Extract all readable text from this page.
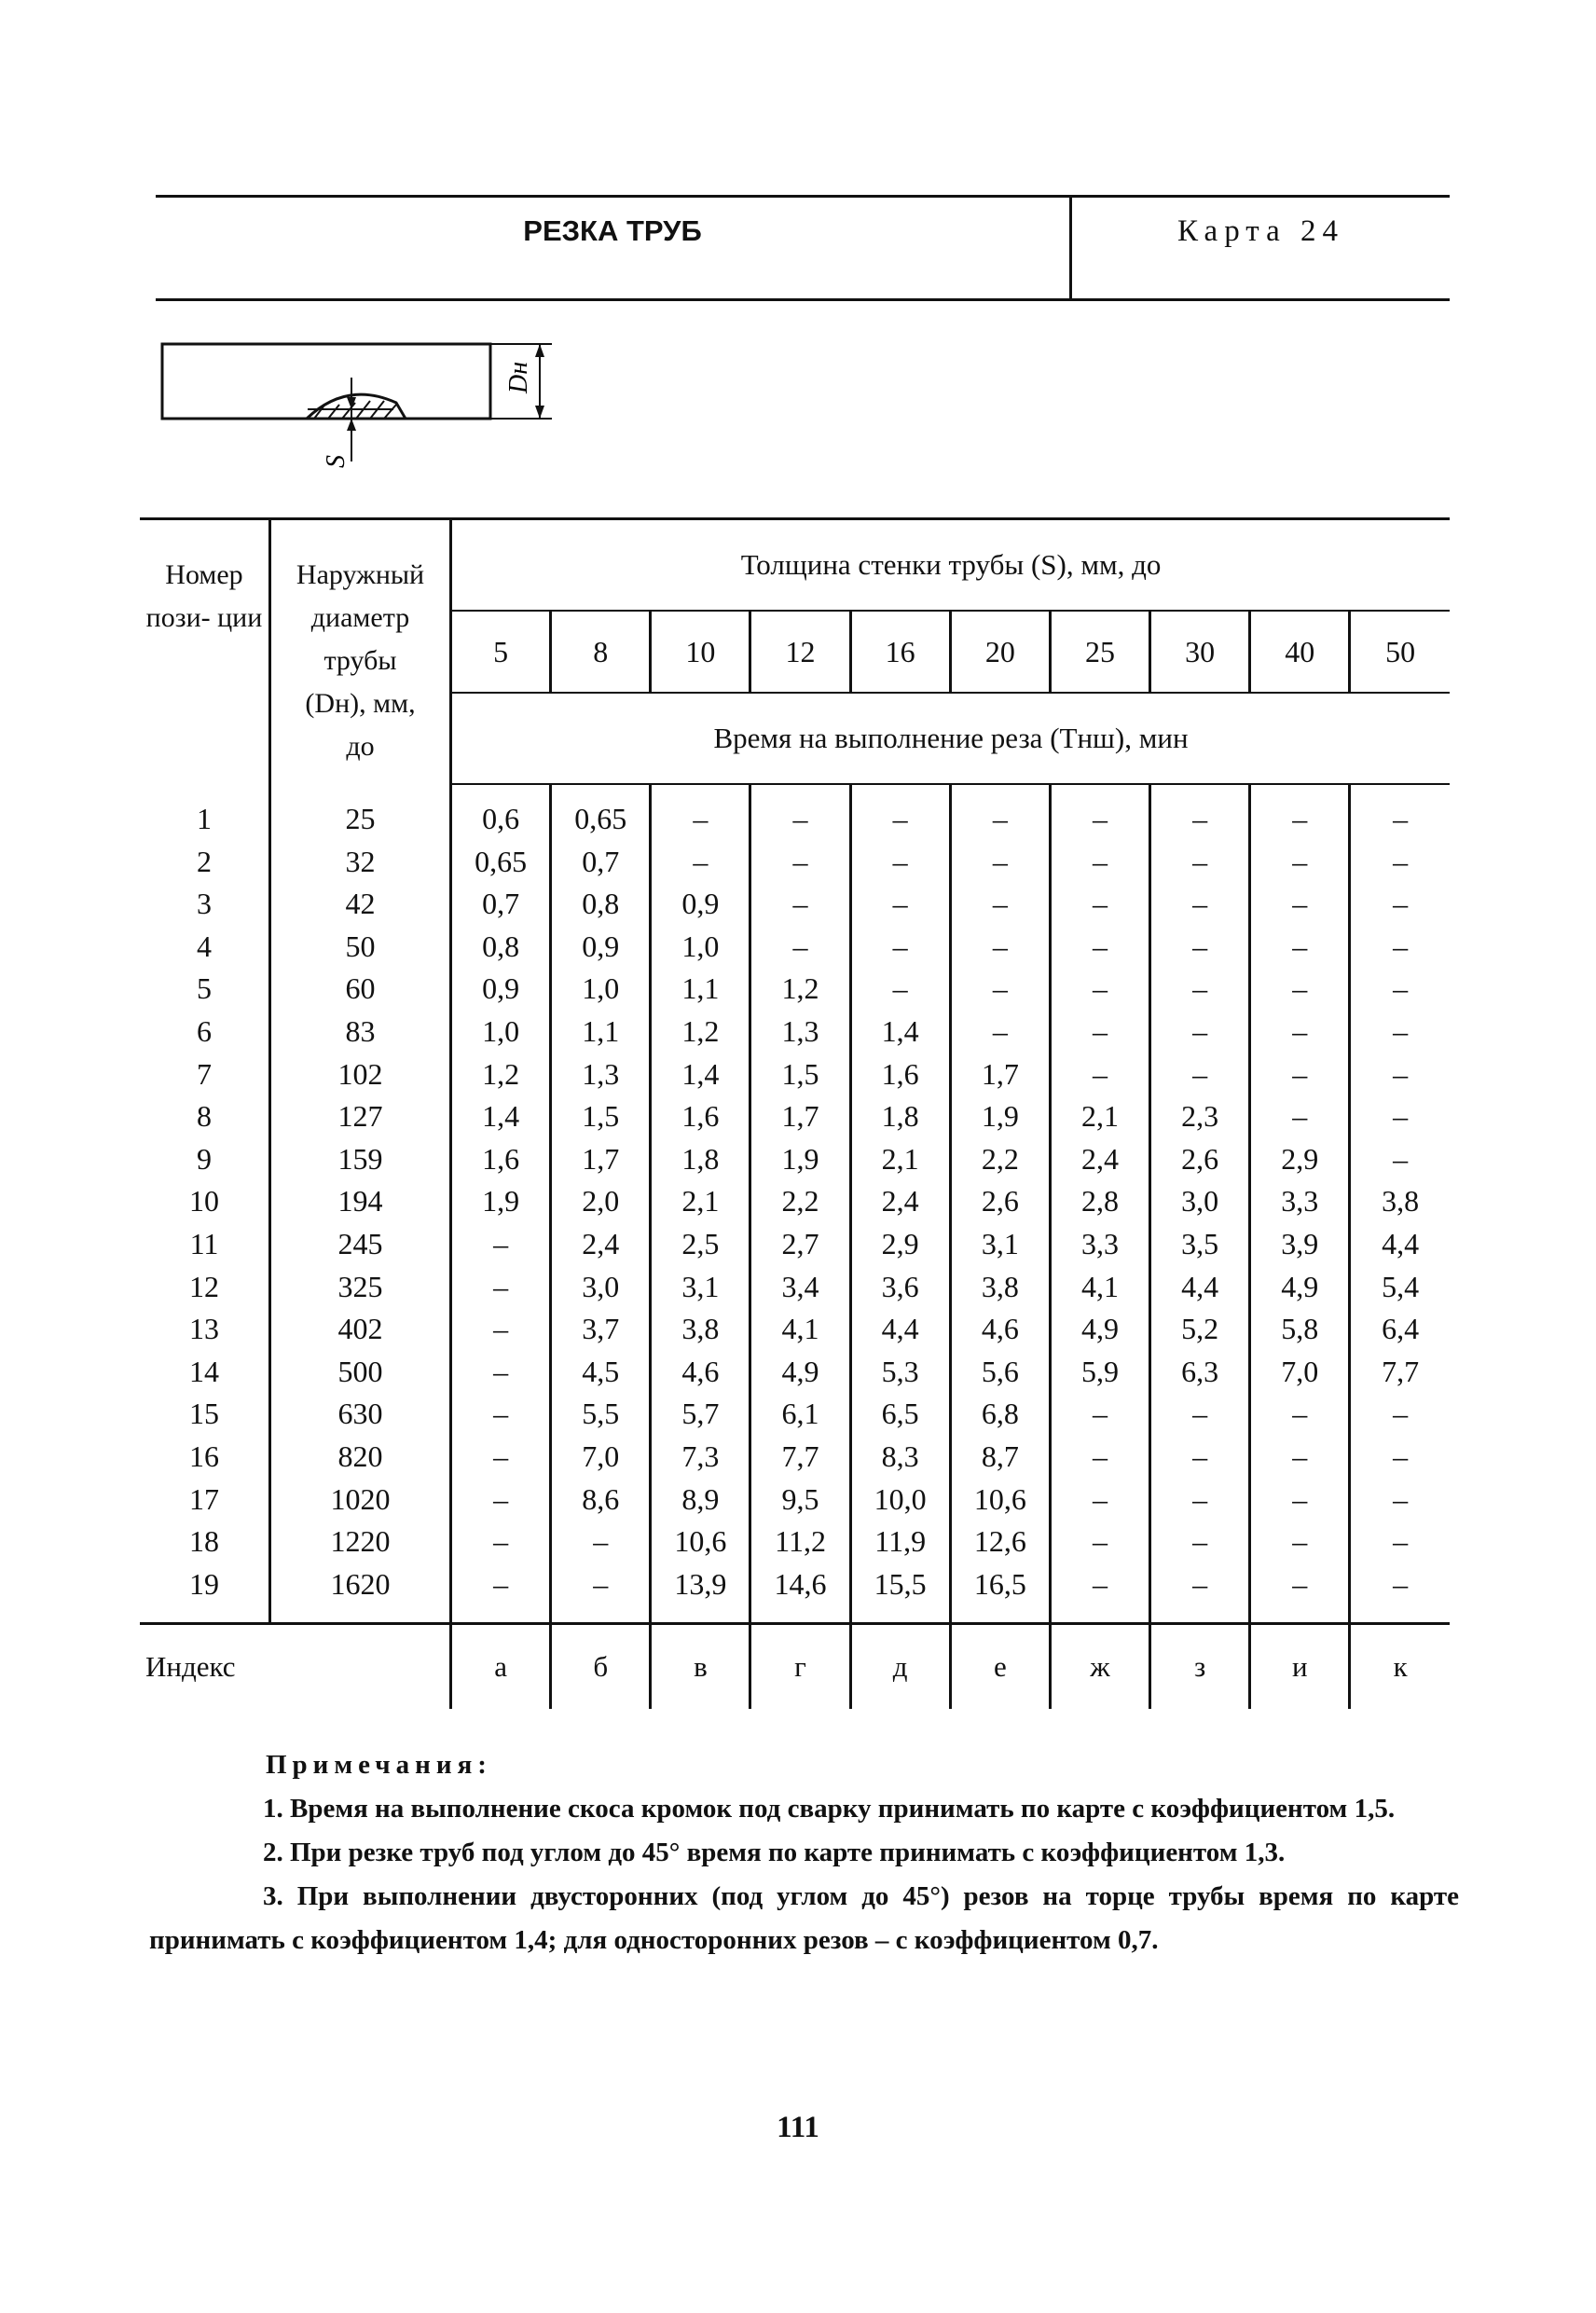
РЕЗКА ТРУБ	Карта 24
Dн
S
Номер пози- ции	Наружный
диаметр
трубы
(Dн), мм,
до	Толщина стенки трубы (S), мм, до									
		5	8	10	12	16	20	25	30	40	50
		Время на выполнение реза (Тнш), мин									
1	25	0,6	0,65	–	–	–	–	–	–	–	–
2	32	0,65	0,7	–	–	–	–	–	–	–	–
3	42	0,7	0,8	0,9	–	–	–	–	–	–	–
4	50	0,8	0,9	1,0	–	–	–	–	–	–	–
5	60	0,9	1,0	1,1	1,2	–	–	–	–	–	–
6	83	1,0	1,1	1,2	1,3	1,4	–	–	–	–	–
7	102	1,2	1,3	1,4	1,5	1,6	1,7	–	–	–	–
8	127	1,4	1,5	1,6	1,7	1,8	1,9	2,1	2,3	–	–
9	159	1,6	1,7	1,8	1,9	2,1	2,2	2,4	2,6	2,9	–
10	194	1,9	2,0	2,1	2,2	2,4	2,6	2,8	3,0	3,3	3,8
11	245	–	2,4	2,5	2,7	2,9	3,1	3,3	3,5	3,9	4,4
12	325	–	3,0	3,1	3,4	3,6	3,8	4,1	4,4	4,9	5,4
13	402	–	3,7	3,8	4,1	4,4	4,6	4,9	5,2	5,8	6,4
14	500	–	4,5	4,6	4,9	5,3	5,6	5,9	6,3	7,0	7,7
15	630	–	5,5	5,7	6,1	6,5	6,8	–	–	–	–
16	820	–	7,0	7,3	7,7	8,3	8,7	–	–	–	–
17	1020	–	8,6	8,9	9,5	10,0	10,6	–	–	–	–
18	1220	–	–	10,6	11,2	11,9	12,6	–	–	–	–
19	1620	–	–	13,9	14,6	15,5	16,5	–	–	–	–
Индекс		а	б	в	г	д	е	ж	з	и	к
Примечания:
1. Время на выполнение скоса кромок под сварку принимать по карте с коэффициентом 1,5.
2. При резке труб под углом до 45° время по карте принимать с коэффициентом 1,3.
3. При выполнении двусторонних (под углом до 45°) резов на торце трубы время по карте принимать с коэффициентом 1,4; для односторонних резов – с коэффициентом 0,7.
111
